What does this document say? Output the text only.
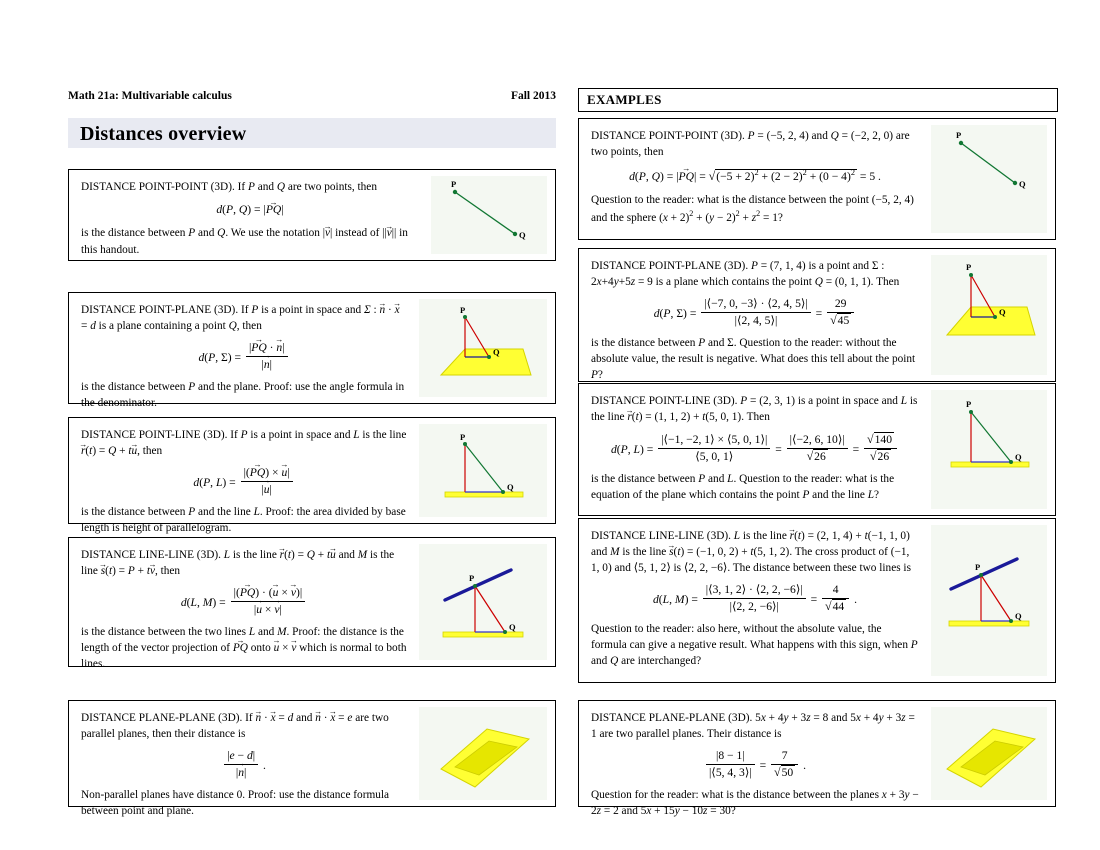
Math 21a: Multivariable calculus	Fall 2013
Distances overview
EXAMPLES
DISTANCE POINT-POINT (3D). If P and Q are two points, then
d(P, Q) = |PQ →|
is the distance between P and Q. We use the notation |v →| instead of ||v →|| in this handout.
P
Q
DISTANCE POINT-PLANE (3D). If P is a point in space and Σ : n → · x → = d is a plane containing a point Q, then
d(P, $\Sigma) = \frac{|PQ \to \cdot n \to|}{|n \to|}$
is the distance between P and the plane. Proof: use the angle formula in the denominator.
P
Q
DISTANCE POINT-LINE (3D). If P is a point in space and L is the line r →(t) = Q + tu →, then
d(P, $L) = \frac{|(PQ \to) \times u \to|}{|u \to|}$
is the distance between P and the line L. Proof: the area divided by base length is height of parallelogram.
P
Q
DISTANCE LINE-LINE (3D). L is the line r →(t) = Q + tu → and M is the line s →(t) = P + tv →, then
d(L, $M) = \frac{|(PQ \to) \cdot (u \to \times v \to)|}{|u \to \times v \to|}$
is the distance between the two lines L and M. Proof: the distance is the length of the vector projection of PQ → onto u → × v → which is normal to both lines.
P
Q
DISTANCE PLANE-PLANE (3D). If n → · x → = d and n → · x → = e are two parallel planes, then their distance is
$\frac{|e - d|}{|n \to|}$ .
Non-parallel planes have distance 0. Proof: use the distance formula between point and plane.
DISTANCE POINT-POINT (3D). P = (−5, 2, 4) and Q = (−2, 2, 0) are two points, then
d(P, Q) = |PQ →| = $√(-5 + 2)^2 + (2 - 2)^2 + (0 - 4)^2 = 5$ .
Question to the reader: what is the distance between the point (−5, 2, 4) and the sphere $(x + 2)^2 + (y - 2)^2 + z^2 = 1$?
P
Q
DISTANCE POINT-PLANE (3D). P = (7, 1, 4) is a point and Σ : 2x+4y+5z = 9 is a plane which contains the point Q = (0, 1, 1). Then
d(P, $\Sigma) = \frac{|⟨-7, 0, -3⟩ \cdot ⟨2, 4, 5⟩|}{|⟨2, 4, 5⟩|} = \frac{29}{√45}$
is the distance between P and Σ. Question to the reader: without the absolute value, the result is negative. What does this tell about the point P?
P
Q
DISTANCE POINT-LINE (3D). P = (2, 3, 1) is a point in space and L is the line r →(t) = (1, 1, 2) + t(5, 0, 1). Then
d(P, $L) = \frac{|⟨-1, -2, 1⟩ \times ⟨5, 0, 1⟩|}{⟨5, 0, 1⟩} = \frac{|⟨-2, 6, 10⟩|}{√26} = \frac{√140}{√26}$
is the distance between P and L. Question to the reader: what is the equation of the plane which contains the point P and the line L?
P
Q
DISTANCE LINE-LINE (3D). L is the line r →(t) = (2, 1, 4) + t(−1, 1, 0) and M is the line s →(t) = (−1, 0, 2) + t(5, 1, 2). The cross product of (−1, 1, 0) and ⟨5, 1, 2⟩ is ⟨2, 2, −6⟩. The distance between these two lines is
d(L, $M) = \frac{|⟨3, 1, 2⟩ \cdot ⟨2, 2, -6⟩|}{|⟨2, 2, -6⟩|} = \frac{4}{√44}$ .
Question to the reader: also here, without the absolute value, the formula can give a negative result. What happens with this sign, when P and Q are interchanged?
P
Q
DISTANCE PLANE-PLANE (3D). 5x + 4y + 3z = 8 and 5x + 4y + 3z = 1 are two parallel planes. Their distance is
$\frac{|8 - 1|}{|⟨5, 4, 3⟩|} = \frac{7}{√50}$ .
Question for the reader: what is the distance between the planes x + 3y − 2z = 2 and 5x + 15y − 10z = 30?
